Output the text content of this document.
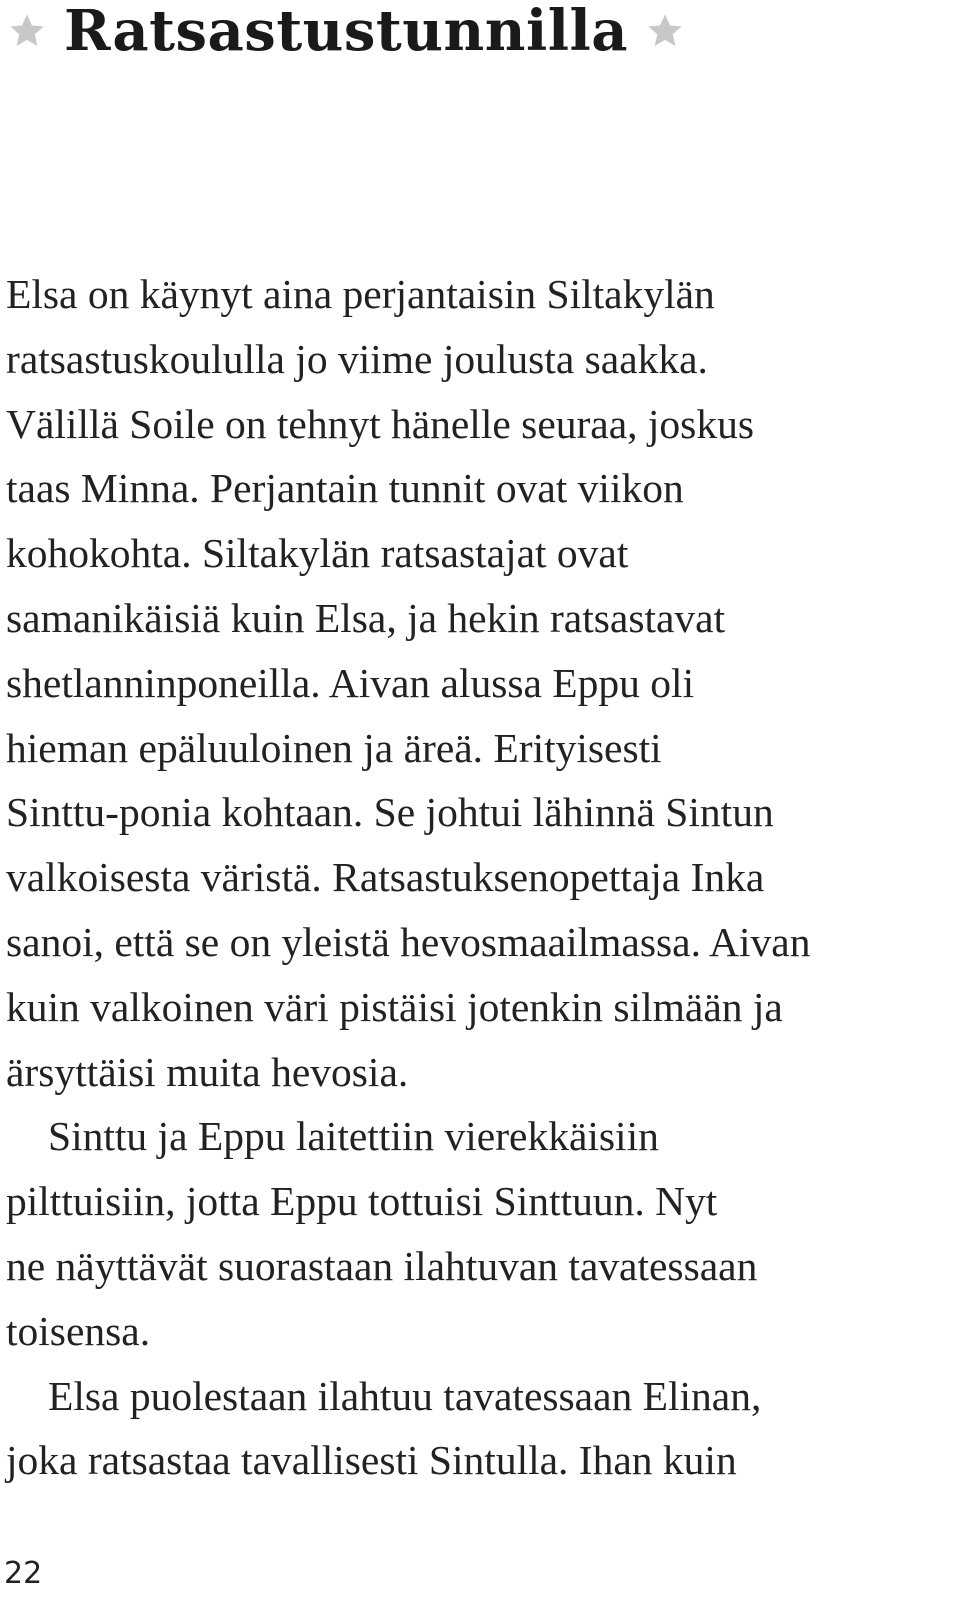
Ratsastustunnilla

Elsa on käynyt aina perjantaisin Siltakylän
ratsastuskoululla jo viime joulusta saakka.
Välillä Soile on tehnyt hänelle seuraa, joskus
taas Minna. Perjantain tunnit ovat viikon
kohokohta. Siltakylän ratsastajat ovat
samanikäisiä kuin Elsa, ja hekin ratsastavat
shetlanninponeilla. Aivan alussa Eppu oli
hieman epäluuloinen ja äreä. Erityisesti
Sinttu-ponia kohtaan. Se johtui lähinnä Sintun
valkoisesta väristä. Ratsastuksenopettaja Inka
sanoi, että se on yleistä hevosmaailmassa. Aivan
kuin valkoinen väri pistäisi jotenkin silmään ja
ärsyttäisi muita hevosia.

Sinttu ja Eppu laitettiin vierekkäisiin
pilttuisiin, jotta Eppu tottuisi Sinttuun. Nyt
ne näyttävät suorastaan ilahtuvan tavatessaan
toisensa.

Elsa puolestaan ilahtuu tavatessaan Elinan,
joka ratsastaa tavallisesti Sintulla. Ihan kuin

22
